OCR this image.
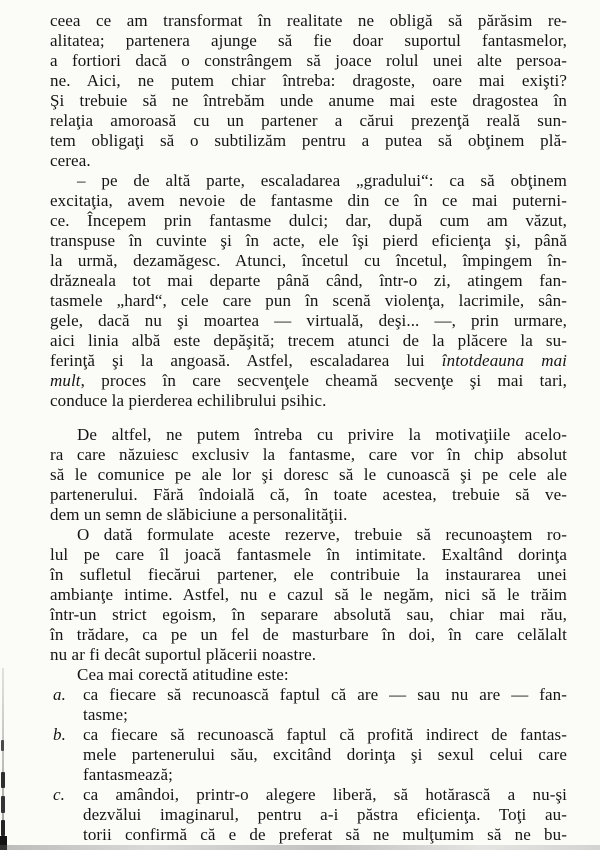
ceea ce am transformat în realitate ne obligă să părăsim re-
alitatea; partenera ajunge să fie doar suportul fantasmelor,
a fortiori dacă o constrângem să joace rolul unei alte persoa-
ne. Aici, ne putem chiar întreba: dragoste, oare mai exişti?
Şi trebuie să ne întrebăm unde anume mai este dragostea în
relaţia amoroasă cu un partener a cărui prezenţă reală sun-
tem obligaţi să o subtilizăm pentru a putea să obţinem plă-
cerea.
– pe de altă parte, escaladarea „gradului“: ca să obţinem
excitaţia, avem nevoie de fantasme din ce în ce mai puterni-
ce. Începem prin fantasme dulci; dar, după cum am văzut,
transpuse în cuvinte şi în acte, ele îşi pierd eficienţa şi, până
la urmă, dezamăgesc. Atunci, încetul cu încetul, împingem în-
drăzneala tot mai departe până când, într-o zi, atingem fan-
tasmele „hard“, cele care pun în scenă violenţa, lacrimile, sân-
gele, dacă nu şi moartea — virtuală, deşi... —, prin urmare,
aici linia albă este depăşită; trecem atunci de la plăcere la su-
ferinţă şi la angoasă. Astfel, escaladarea lui întotdeauna mai
mult, proces în care secvenţele cheamă secvenţe şi mai tari,
conduce la pierderea echilibrului psihic.
De altfel, ne putem întreba cu privire la motivaţiile acelo-
ra care năzuiesc exclusiv la fantasme, care vor în chip absolut
să le comunice pe ale lor şi doresc să le cunoască şi pe cele ale
partenerului. Fără îndoială că, în toate acestea, trebuie să ve-
dem un semn de slăbiciune a personalităţii.
O dată formulate aceste rezerve, trebuie să recunoaştem ro-
lul pe care îl joacă fantasmele în intimitate. Exaltând dorinţa
în sufletul fiecărui partener, ele contribuie la instaurarea unei
ambianţe intime. Astfel, nu e cazul să le negăm, nici să le trăim
într-un strict egoism, în separare absolută sau, chiar mai rău,
în trădare, ca pe un fel de masturbare în doi, în care celălalt
nu ar fi decât suportul plăcerii noastre.
Cea mai corectă atitudine este:
a. ca fiecare să recunoască faptul că are — sau nu are — fan-
tasme;
b. ca fiecare să recunoască faptul că profită indirect de fantas-
mele partenerului său, excitând dorinţa şi sexul celui care
fantasmează;
c. ca amândoi, printr-o alegere liberă, să hotărască a nu-şi
dezvălui imaginarul, pentru a-i păstra eficienţa. Toţi au-
torii confirmă că e de preferat să ne mulţumim să ne bu-
